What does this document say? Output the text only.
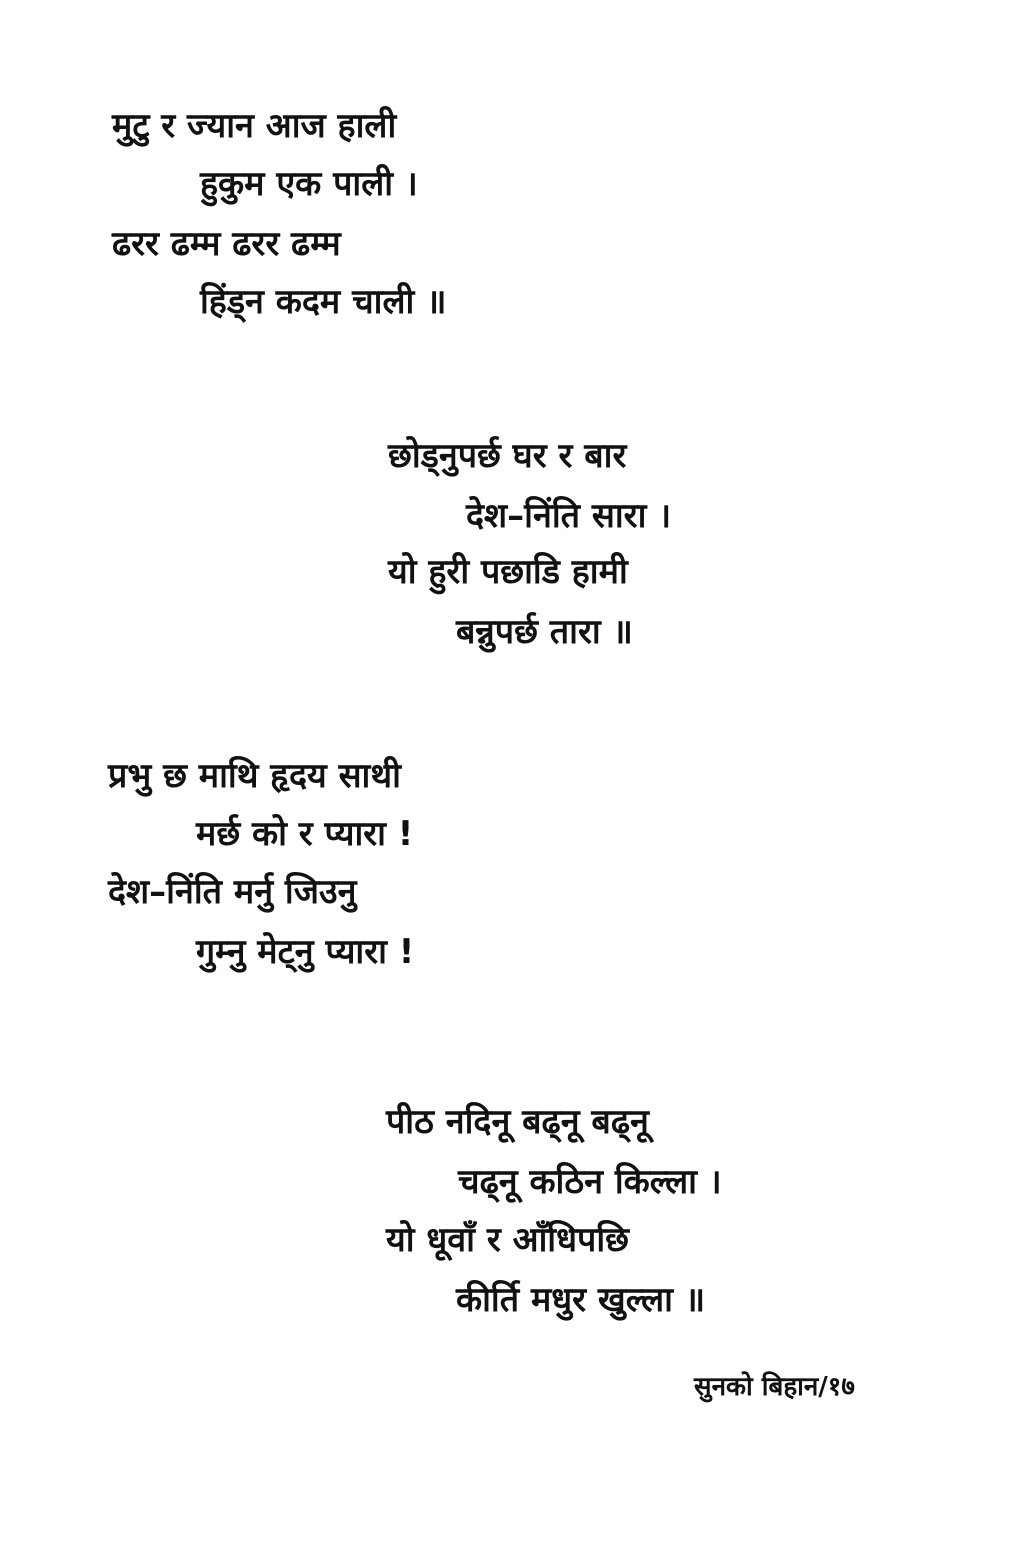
मुटु र ज्यान आज हाली
हुकुम एक पाली ।
ढरर ढम्म ढरर ढम्म
हिंड्न कदम चाली ॥
छोड्नुपर्छ घर र बार
देश–निंति सारा ।
यो हुरी पछाडि हामी
बन्नुपर्छ तारा ॥
प्रभु छ माथि हृदय साथी
मर्छ को र प्यारा !
देश–निंति मर्नु जिउनु
गुम्नु मेट्नु प्यारा !
पीठ नदिनू बढ्नू बढ्नू
चढ्नू कठिन किल्ला ।
यो धूवाँ र आँधिपछि
कीर्ति मधुर खुल्ला ॥
सुनको बिहान/१७
